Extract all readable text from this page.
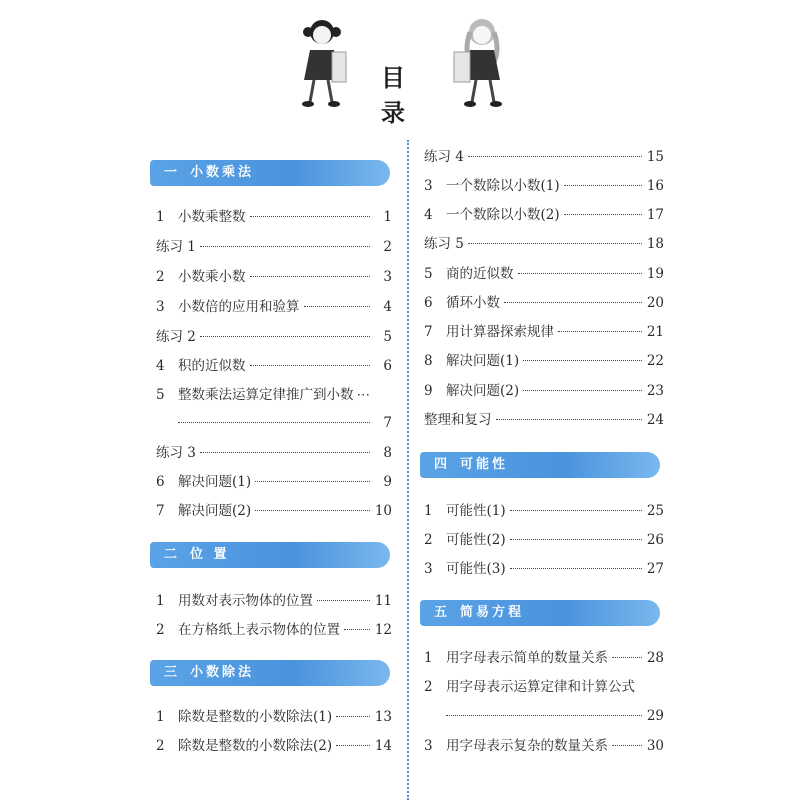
目 录
一 小数乘法
1 小数乘整数	1
练习 1	2
2 小数乘小数	3
3 小数倍的应用和验算	4
练习 2	5
4 积的近似数	6
5 整数乘法运算定律推广到小数 ⋯
7
练习 3	8
6 解决问题(1)	9
7 解决问题(2)	10
二 位 置
1 用数对表示物体的位置	11
2 在方格纸上表示物体的位置	12
三 小数除法
1 除数是整数的小数除法(1)	13
2 除数是整数的小数除法(2)	14
练习 4	15
3 一个数除以小数(1)	16
4 一个数除以小数(2)	17
练习 5	18
5 商的近似数	19
6 循环小数	20
7 用计算器探索规律	21
8 解决问题(1)	22
9 解决问题(2)	23
整理和复习	24
四 可能性
1 可能性(1)	25
2 可能性(2)	26
3 可能性(3)	27
五 简易方程
1 用字母表示简单的数量关系	28
2 用字母表示运算定律和计算公式
29
3 用字母表示复杂的数量关系	30
